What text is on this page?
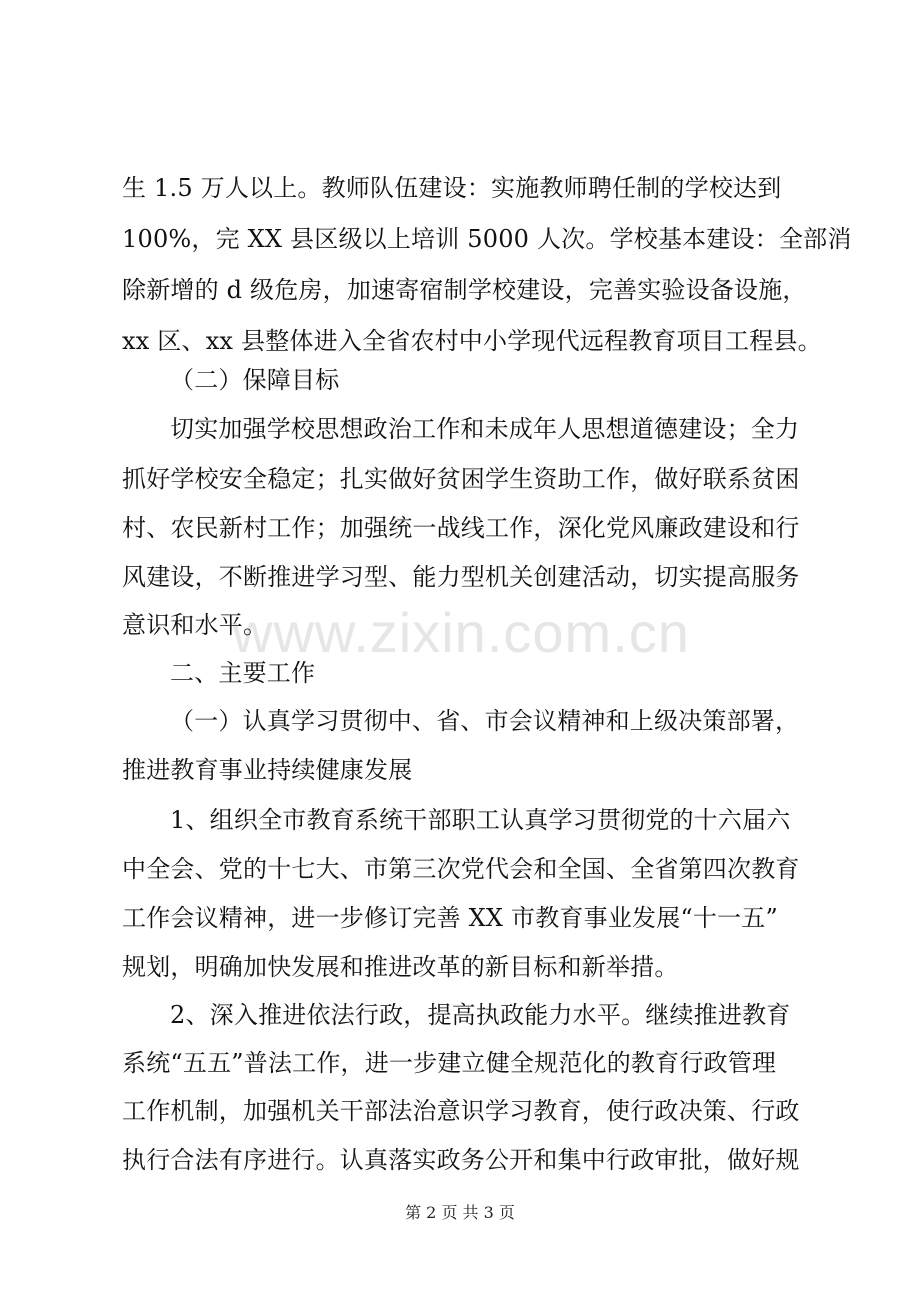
www.zixin.com.cn
生 1.5 万人以上。教师队伍建设：实施教师聘任制的学校达到
100%，完 XX 县区级以上培训 5000 人次。学校基本建设：全部消
除新增的 d 级危房，加速寄宿制学校建设，完善实验设备设施，
xx 区、xx 县整体进入全省农村中小学现代远程教育项目工程县。
（二）保障目标
切实加强学校思想政治工作和未成年人思想道德建设；全力
抓好学校安全稳定；扎实做好贫困学生资助工作，做好联系贫困
村、农民新村工作；加强统一战线工作，深化党风廉政建设和行
风建设，不断推进学习型、能力型机关创建活动，切实提高服务
意识和水平。
二、主要工作
（一）认真学习贯彻中、省、市会议精神和上级决策部署，
推进教育事业持续健康发展
1、组织全市教育系统干部职工认真学习贯彻党的十六届六
中全会、党的十七大、市第三次党代会和全国、全省第四次教育
工作会议精神，进一步修订完善 XX 市教育事业发展“十一五”
规划，明确加快发展和推进改革的新目标和新举措。
2、深入推进依法行政，提高执政能力水平。继续推进教育
系统“五五”普法工作，进一步建立健全规范化的教育行政管理
工作机制，加强机关干部法治意识学习教育，使行政决策、行政
执行合法有序进行。认真落实政务公开和集中行政审批，做好规
第 2 页 共 3 页
